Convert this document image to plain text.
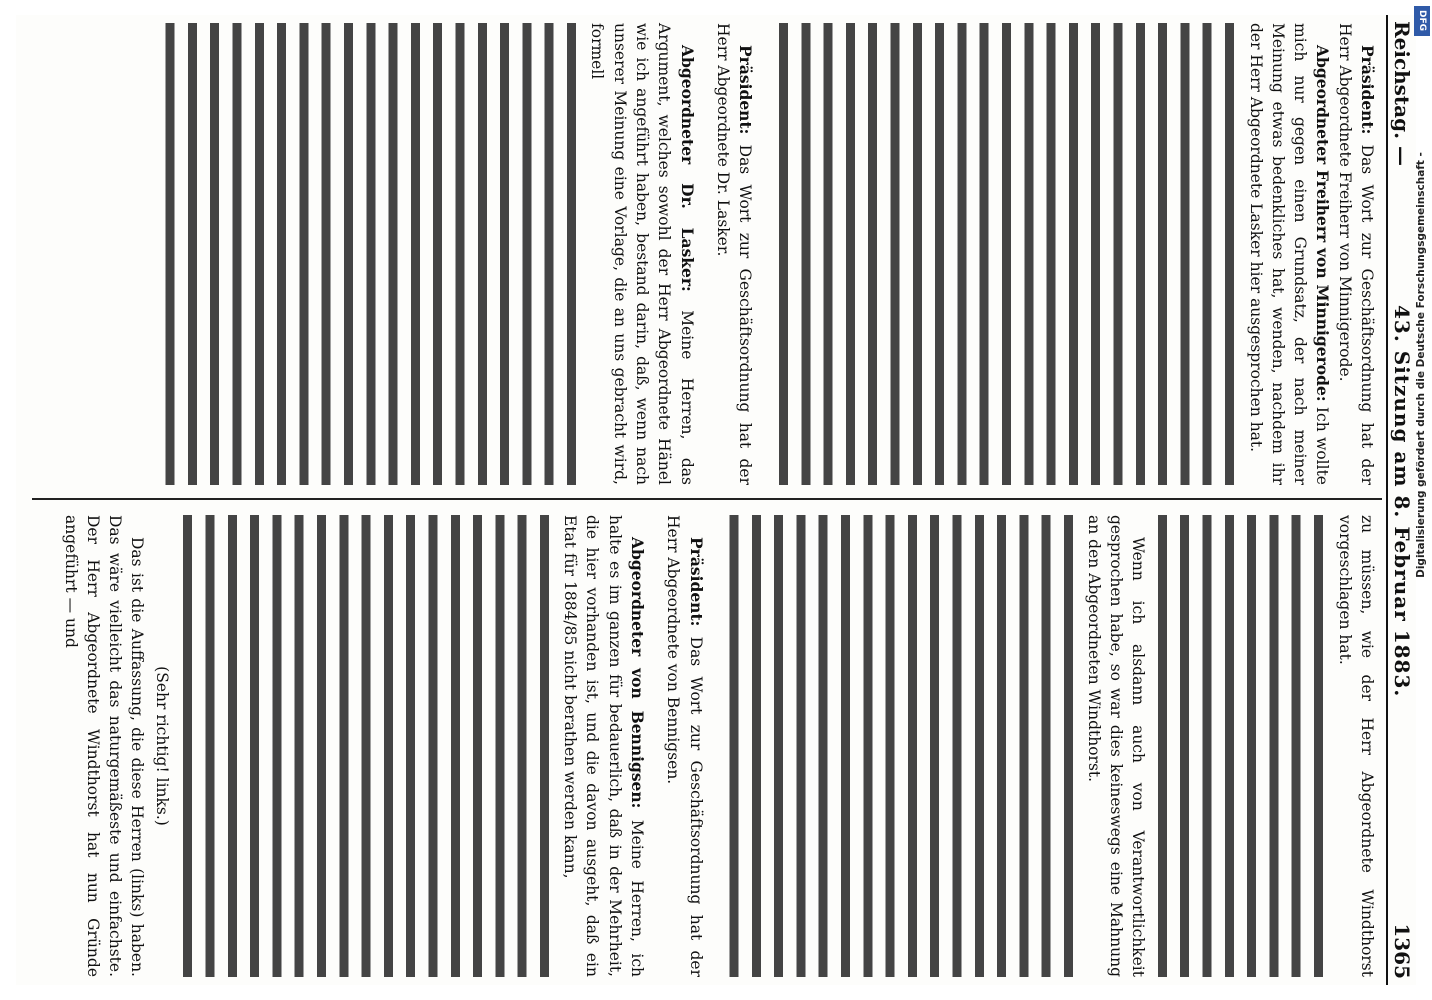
Reichstag. —
43. Sitzung am 8. Februar 1883.
1365

Präsident: Das Wort zur Geschäftsordnung hat der Herr Abgeordnete Freiherr von Minnigerode.

Abgeordneter Freiherr von Minnigerode: Ich wollte mich nur gegen einen Grundsatz, der nach meiner Meinung etwas bedenkliches hat, wenden, nachdem ihr der Herr Abgeordnete Lasker hier ausgesprochen hat.

Präsident: Das Wort zur Geschäftsordnung hat der Herr Abgeordnete Dr. Lasker.

Abgeordneter Dr. Lasker: Meine Herren, das Argument, welches sowohl der Herr Abgeordnete Hänel wie ich angeführt haben, bestand darin, daß, wenn nach unserer Meinung eine Vorlage, die an uns gebracht wird, formell

zu müssen, wie der Herr Abgeordnete Windthorst vorgeschlagen hat.

Wenn ich alsdann auch von Verantwortlichkeit gesprochen habe, so war dies keineswegs eine Mahnung an den Abgeordneten Windthorst.

Präsident: Das Wort zur Geschäftsordnung hat der Herr Abgeordnete von Bennigsen.

Abgeordneter von Bennigsen: Meine Herren, ich halte es im ganzen für bedauerlich, daß in der Mehrheit, die hier vorhanden ist, und die davon ausgeht, daß ein Etat für 1884/85 nicht berathen werden kann,

(Sehr richtig! links.)

Das ist die Auffassung, die diese Herren (links) haben. Das wäre vielleicht das naturgemäßeste und einfachste. Der Herr Abgeordnete Windthorst hat nun Gründe angeführt — und

DFG
Digitalisierung gefördert durch die Deutsche Forschungsgemeinschaft -
